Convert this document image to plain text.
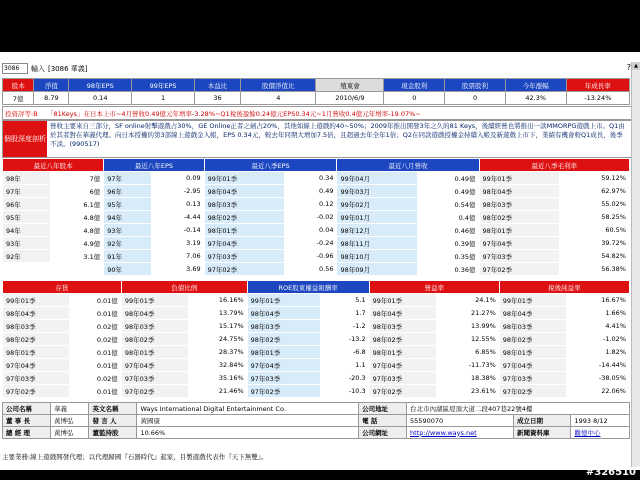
3086
輸入 [3086 華義]	?
股本	淨值	98年EPS	99年EPS	本益比	股價淨值比	殖東會	現金股利	股票股利	今年漲幅	年成長率
7億	8.79	0.14	1	36	4	2010/6/9	0	0	42.3%	-13.24%
投資評等:B	「81Keys」在日本上市~4月營收0.49億元年增率-3.28%~Q1稅後盈餘0.24億元EPS0.34元~1月營收0.4億元年增率-19.07%~
個股深度剖析
營收主要來自三部分，SF online射擊遊戲占30%，GE Online正者之劍占20%，其他如線上遊戲約40~50%；2009年推出開發3年之久的81 Keys，後續經營也將推出一款MMORPG遊戲上市。Q1由於其者對在華義代理。向日本授權的第3部線上遊戲金入帳，EPS 0.34元，較去年同期大增加7.5倍，且超過去年全年1倍；Q2在同款遊戲授權金持續入帳及新遊戲上市下，業績有機會較Q1成長，後季不淡。(990517)
最近八年股本		最近八年EPS		最近八季EPS		最近八月營收		最近八季毛利率	
98年	7億	97年	0.09	99年01季	0.34	99年04月	0.49億	99年01季	59.12%
97年	6億	96年	-2.95	98年04季	0.49	99年03月	0.49億	98年04季	62.97%
96年	6.1億	95年	0.13	98年03季	0.12	99年02月	0.54億	98年03季	55.02%
95年	4.8億	94年	-4.44	98年02季	-0.02	99年01月	0.4億	98年02季	58.25%
94年	4.8億	93年	-0.14	98年01季	0.04	98年12月	0.46億	98年01季	60.5%
93年	4.9億	92年	3.19	97年04季	-0.24	98年11月	0.39億	97年04季	39.72%
92年	3.1億	91年	7.06	97年03季	-0.96	98年10月	0.35億	97年03季	54.82%
		90年	3.69	97年02季	0.56	98年09月	0.36億	97年02季	56.38%
存貨		負債比例		ROE股東權益報酬率		營益率		稅後純益率	
99年01季	0.01億	99年01季	16.16%	99年01季	5.1	99年01季	24.1%	99年01季	16.67%
98年04季	0.01億	98年04季	13.79%	98年04季	1.7	98年04季	21.27%	98年04季	1.66%
98年03季	0.02億	98年03季	15.17%	98年03季	-1.2	98年03季	13.99%	98年03季	4.41%
98年02季	0.02億	98年02季	24.75%	98年02季	-13.2	98年02季	12.55%	98年02季	-1.02%
98年01季	0.01億	98年01季	28.37%	98年01季	-6.8	98年01季	6.85%	98年01季	1.82%
97年04季	0.01億	97年04季	32.84%	97年04季	1.1	97年04季	-11.73%	97年04季	-14.44%
97年03季	0.02億	97年03季	35.16%	97年03季	-20.3	97年03季	18.38%	97年03季	-38.05%
97年02季	0.01億	97年02季	21.46%	97年02季	-10.3	97年02季	23.61%	97年02季	22.06%
公司名稱	華義	英文名稱	Ways International Digital Entertainment Co.	公司地址	台北市內湖區堤頂大道二段407巷22號4樓		
董 事 長	黃博弘	發 言 人	黃國康	電 話	55590070	成立日期	1993 8/12
總 經 理	黃博弘	董監持股	10.66%	公司網址	http://www.ways.net	新聞資料庫	觀憶中心
主要業務:線上遊戲開發代理；以代理歸國『石器時代』起家，目製遊戲代表作『天下無雙』。
▲
#326510
